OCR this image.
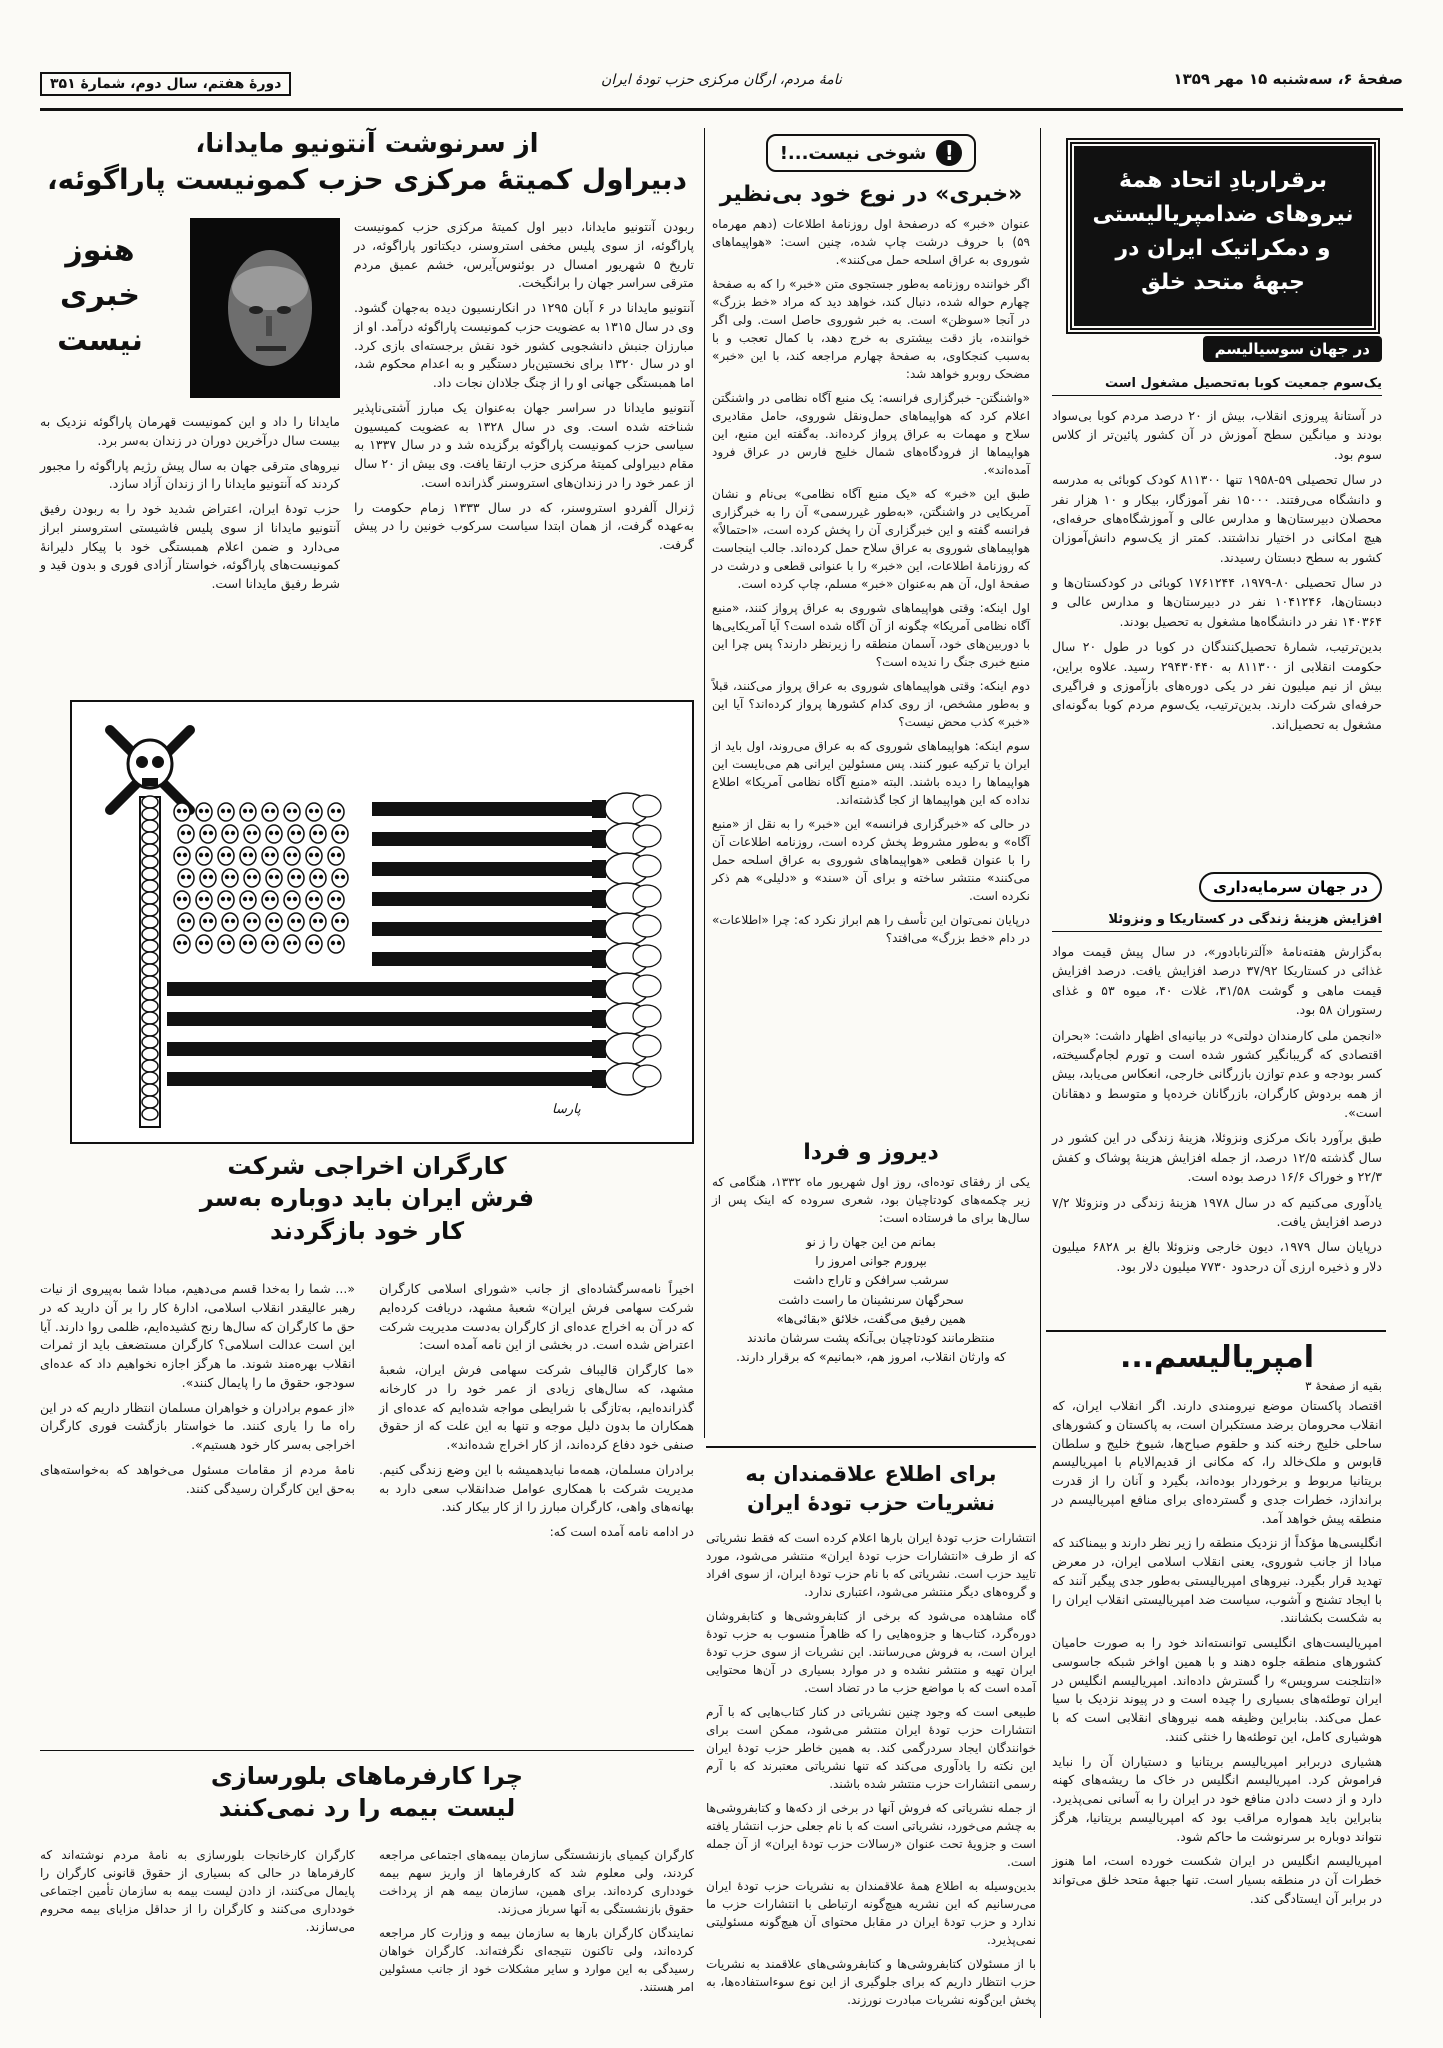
صفحهٔ ۶، سه‌شنبه ۱۵ مهر ۱۳۵۹
نامهٔ مردم، ارگان مرکزی حزب تودهٔ ایران
دورهٔ هفتم، سال دوم، شمارهٔ ۳۵۱
برقراربادِ اتحاد همهٔ نیروهای ضدامپریالیستی و دمکراتیک ایران در جبههٔ متحد خلق
در جهان سوسیالیسم
یک‌سوم جمعیت کوبا به‌تحصیل مشغول است

در آستانهٔ پیروزی انقلاب، بیش از ۲۰ درصد مردم کوبا بی‌سواد بودند و میانگین سطح آموزش در آن کشور پائین‌تر از کلاس سوم بود.

در سال تحصیلی ۵۹-۱۹۵۸ تنها ۸۱۱۳۰۰ کودک کوبائی به مدرسه و دانشگاه می‌رفتند. ۱۵۰۰۰ نفر آموزگار، بیکار و ۱۰ هزار نفر محصلان دبیرستان‌ها و مدارس عالی و آموزشگاه‌های حرفه‌ای، هیچ امکانی در اختیار نداشتند. کمتر از یک‌سوم دانش‌آموزان کشور به سطح دبستان رسیدند.

در سال تحصیلی ۸۰-۱۹۷۹، ۱۷۶۱۲۴۴ کوبائی در کودکستان‌ها و دبستان‌ها، ۱۰۴۱۲۴۶ نفر در دبیرستان‌ها و مدارس عالی و ۱۴۰۳۶۴ نفر در دانشگاه‌ها مشغول به تحصیل بودند.

بدین‌ترتیب، شمارهٔ تحصیل‌کنندگان در کوبا در طول ۲۰ سال حکومت انقلابی از ۸۱۱۳۰۰ به ۲۹۴۳۰۴۴۰ رسید. علاوه براین، بیش از نیم میلیون نفر در یکی دوره‌های بازآموزی و فراگیری حرفه‌ای شرکت دارند. بدین‌ترتیب، یک‌سوم مردم کوبا به‌گونه‌ای مشغول به تحصیل‌اند.

در جهان سرمایه‌داری
افزایش هزینهٔ زندگی در کستاریکا و ونزوئلا

به‌گزارش هفته‌نامهٔ «آلترنابادور»، در سال پیش قیمت مواد غذائی در کستاریکا ۳۷/۹۲ درصد افزایش یافت. درصد افزایش قیمت ماهی و گوشت ۳۱/۵۸، غلات ۴۰، میوه ۵۳ و غذای رستوران ۵۸ بود.

«انجمن ملی کارمندان دولتی» در بیانیه‌ای اظهار داشت: «بحران اقتصادی که گریبانگیر کشور شده است و تورم لجام‌گسیخته، کسر بودجه و عدم توازن بازرگانی خارجی، انعکاس می‌یابد، بیش از همه بردوش کارگران، بازرگانان خرده‌پا و متوسط و دهقانان است».

طبق برآورد بانک مرکزی ونزوئلا، هزینهٔ زندگی در این کشور در سال گذشته ۱۲/۵ درصد، از جمله افزایش هزینهٔ پوشاک و کفش ۲۲/۳ و خوراک ۱۶/۶ درصد بوده است.

یادآوری می‌کنیم که در سال ۱۹۷۸ هزینهٔ زندگی در ونزوئلا ۷/۲ درصد افزایش یافت.

درپایان سال ۱۹۷۹، دیون خارجی ونزوئلا بالغ بر ۶۸۲۸ میلیون دلار و ذخیره ارزی آن درحدود ۷۷۳۰ میلیون دلار بود.

امپریالیسم...
بقیه از صفحهٔ ۳

اقتصاد پاکستان موضع نیرومندی دارند. اگر انقلاب ایران، که انقلاب محرومان برضد مستکبران است، به پاکستان و کشورهای ساحلی خلیج رخنه کند و حلقوم صباح‌ها، شیوخ خلیج و سلطان قابوس و ملک‌خالد را، که مکانی از قدیم‌الایام با امپریالیسم بریتانیا مربوط و برخوردار بوده‌اند، بگیرد و آنان را از قدرت براندازد، خطرات جدی و گسترده‌ای برای منافع امپریالیسم در منطقه پیش خواهد آمد.

انگلیسی‌ها مؤکداً از نزدیک منطقه را زیر نظر دارند و بیمناکند که مبادا از جانب شوروی، یعنی انقلاب اسلامی ایران، در معرض تهدید قرار بگیرد. نیروهای امپریالیستی به‌طور جدی پیگیر آنند که با ایجاد تشنج و آشوب، سیاست ضد امپریالیستی انقلاب ایران را به شکست بکشانند.

امپریالیست‌های انگلیسی توانسته‌اند خود را به صورت حامیان کشورهای منطقه جلوه دهند و با همین اواخر شبکه جاسوسی «انتلجنت سرویس» را گسترش داده‌اند. امپریالیسم انگلیس در ایران توطئه‌های بسیاری را چیده است و در پیوند نزدیک با سیا عمل می‌کند. بنابراین وظیفه همه نیروهای انقلابی است که با هوشیاری کامل، این توطئه‌ها را خنثی کنند.

هشیاری دربرابر امپریالیسم بریتانیا و دستیاران آن را نباید فراموش کرد. امپریالیسم انگلیس در خاک ما ریشه‌های کهنه دارد و از دست دادن منافع خود در ایران را به آسانی نمی‌پذیرد. بنابراین باید همواره مراقب بود که امپریالیسم بریتانیا، هرگز نتواند دوباره بر سرنوشت ما حاکم شود.

امپریالیسم انگلیس در ایران شکست خورده است، اما هنوز خطرات آن در منطقه بسیار است. تنها جبههٔ متحد خلق می‌تواند در برابر آن ایستادگی کند.

!
شوخی نیست...!
«خبری» در نوع خود بی‌نظیر

عنوان «خبر» که درصفحهٔ اول روزنامهٔ اطلاعات (دهم مهرماه ۵۹) با حروف درشت چاپ شده، چنین است: «هواپیماهای شوروی به عراق اسلحه حمل می‌کنند».

اگر خواننده روزنامه به‌طور جستجوی متن «خبر» را که به صفحهٔ چهارم حواله شده، دنبال کند، خواهد دید که مراد «خط بزرگ» در آنجا «سوظن» است. به خبر شوروی حاصل است. ولی اگر خواننده، باز دقت بیشتری به خرج دهد، با کمال تعجب و با به‌سبب کنجکاوی، به صفحهٔ چهارم مراجعه کند، با این «خبر» مضحک روبرو خواهد شد:

«واشنگتن- خبرگزاری فرانسه: یک منبع آگاه نظامی در واشنگتن اعلام کرد که هواپیماهای حمل‌ونقل شوروی، حامل مقادیری سلاح و مهمات به عراق پرواز کرده‌اند. به‌گفته این منبع، این هواپیماها از فرودگاه‌های شمال خلیج فارس در عراق فرود آمده‌اند».

طبق این «خبر» که «یک منبع آگاه نظامی» بی‌نام و نشان آمریکایی در واشنگتن، «به‌طور غیررسمی» آن را به خبرگزاری فرانسه گفته و این خبرگزاری آن را پخش کرده است، «احتمالاً» هواپیماهای شوروی به عراق سلاح حمل کرده‌اند. جالب اینجاست که روزنامهٔ اطلاعات، این «خبر» را با عنوانی قطعی و درشت در صفحهٔ اول، آن هم به‌عنوان «خبر» مسلم، چاپ کرده است.

اول اینکه: وقتی هواپیماهای شوروی به عراق پرواز کنند، «منبع آگاه نظامی آمریکا» چگونه از آن آگاه شده است؟ آیا آمریکایی‌ها با دوربین‌های خود، آسمان منطقه را زیرنظر دارند؟ پس چرا این منبع خبری جنگ را ندیده است؟

دوم اینکه: وقتی هواپیماهای شوروی به عراق پرواز می‌کنند، قبلاً و به‌طور مشخص، از روی کدام کشورها پرواز کرده‌اند؟ آیا این «خبر» کذب محض نیست؟

سوم اینکه: هواپیماهای شوروی که به عراق می‌روند، اول باید از ایران یا ترکیه عبور کنند. پس مسئولین ایرانی هم می‌بایست این هواپیماها را دیده باشند. البته «منبع آگاه نظامی آمریکا» اطلاع نداده که این هواپیماها از کجا گذشته‌اند.

در حالی که «خبرگزاری فرانسه» این «خبر» را به نقل از «منبع آگاه» و به‌طور مشروط پخش کرده است، روزنامه اطلاعات آن را با عنوان قطعی «هواپیماهای شوروی به عراق اسلحه حمل می‌کنند» منتشر ساخته و برای آن «سند» و «دلیلی» هم ذکر نکرده است.

درپایان نمی‌توان این تأسف را هم ابراز نکرد که: چرا «اطلاعات» در دام «خط بزرگ» می‌افتد؟

دیروز و فردا

یکی از رفقای توده‌ای، روز اول شهریور ماه ۱۳۳۲، هنگامی که زیر چکمه‌های کودتاچیان بود، شعری سروده که اینک پس از سال‌ها برای ما فرستاده است:

بمانم من این جهان را ز نو
بپرورم جوانی امروز را
سرشب سرافکن و تاراج داشت
سحرگهان سرنشینان ما راست داشت
همین رفیق می‌گفت، خلائق «بقائی‌ها»
منتظرمانند کودتاچیان بی‌آنکه پشت سرشان ماندند
که وارثان انقلاب، امروز هم، «بمانیم» که برقرار دارند.
برای اطلاع علاقمندان به نشریات حزب تودهٔ ایران

انتشارات حزب تودهٔ ایران بارها اعلام کرده است که فقط نشریاتی که از طرف «انتشارات حزب تودهٔ ایران» منتشر می‌شود، مورد تایید حزب است. نشریاتی که با نام حزب تودهٔ ایران، از سوی افراد و گروه‌های دیگر منتشر می‌شود، اعتباری ندارد.

گاه مشاهده می‌شود که برخی از کتابفروشی‌ها و کتابفروشان دوره‌گرد، کتاب‌ها و جزوه‌هایی را که ظاهراً منسوب به حزب تودهٔ ایران است، به فروش می‌رسانند. این نشریات از سوی حزب تودهٔ ایران تهیه و منتشر نشده و در موارد بسیاری در آن‌ها محتوایی آمده است که با مواضع حزب ما در تضاد است.

طبیعی است که وجود چنین نشریاتی در کنار کتاب‌هایی که با آرم انتشارات حزب تودهٔ ایران منتشر می‌شود، ممکن است برای خوانندگان ایجاد سردرگمی کند. به همین خاطر حزب تودهٔ ایران این نکته را یادآوری می‌کند که تنها نشریاتی معتبرند که با آرم رسمی انتشارات حزب منتشر شده باشند.

از جمله نشریاتی که فروش آنها در برخی از دکه‌ها و کتابفروشی‌ها به چشم می‌خورد، نشریاتی است که با نام جعلی حزب انتشار یافته است و جزویهٔ تحت عنوان «رسالات حزب تودهٔ ایران» از آن جمله است.

بدین‌وسیله به اطلاع همهٔ علاقمندان به نشریات حزب تودهٔ ایران می‌رسانیم که این نشریه هیچ‌گونه ارتباطی با انتشارات حزب ما ندارد و حزب تودهٔ ایران در مقابل محتوای آن هیچ‌گونه مسئولیتی نمی‌پذیرد.

با از مسئولان کتابفروشی‌ها و کتابفروشی‌های علاقمند به نشریات حزب انتظار داریم که برای جلوگیری از این نوع سوءاستفاده‌ها، به پخش این‌گونه نشریات مبادرت نورزند.

از سرنوشت آنتونیو مایدانا،
دبیراول کمیتهٔ مرکزی حزب کمونیست پاراگوئه،
هنوز خبری نیست

ربودن آنتونیو مایدانا، دبیر اول کمیتهٔ مرکزی حزب کمونیست پاراگوئه، از سوی پلیس مخفی استروسنر، دیکتاتور پاراگوئه، در تاریخ ۵ شهریور امسال در بوئنوس‌آیرس، خشم عمیق مردم مترقی سراسر جهان را برانگیخت.

آنتونیو مایدانا در ۶ آبان ۱۲۹۵ در انکارنسیون دیده به‌جهان گشود. وی در سال ۱۳۱۵ به عضویت حزب کمونیست پاراگوئه درآمد. او از مبارزان جنبش دانشجویی کشور خود نقش برجسته‌ای بازی کرد. او در سال ۱۳۲۰ برای نخستین‌بار دستگیر و به اعدام محکوم شد، اما همبستگی جهانی او را از چنگ جلادان نجات داد.

آنتونیو مایدانا در سراسر جهان به‌عنوان یک مبارز آشتی‌ناپذیر شناخته شده است. وی در سال ۱۳۲۸ به عضویت کمیسیون سیاسی حزب کمونیست پاراگوئه برگزیده شد و در سال ۱۳۳۷ به مقام دبیراولی کمیتهٔ مرکزی حزب ارتقا یافت. وی بیش از ۲۰ سال از عمر خود را در زندان‌های استروسنر گذرانده است.

ژنرال آلفردو استروسنر، که در سال ۱۳۳۳ زمام حکومت را به‌عهده گرفت، از همان ابتدا سیاست سرکوب خونین را در پیش گرفت.

مایدانا را داد و این کمونیست قهرمان پاراگوئه نزدیک به بیست سال درآخرین دوران در زندان به‌سر برد.

نیروهای مترقی جهان به سال پیش رژیم پاراگوئه را مجبور کردند که آنتونیو مایدانا را از زندان آزاد سازد.

حزب تودهٔ ایران، اعتراض شدید خود را به ربودن رفیق آنتونیو مایدانا از سوی پلیس فاشیستی استروسنر ابراز می‌دارد و ضمن اعلام همبستگی خود با پیکار دلیرانهٔ کمونیست‌های پاراگوئه، خواستار آزادی فوری و بدون قید و شرط رفیق مایدانا است.

پارسا
کارگران اخراجی شرکت
فرش ایران باید دوباره به‌سر
کار خود بازگردند

اخیراً نامه‌سرگشاده‌ای از جانب «شورای اسلامی کارگران شرکت سهامی فرش ایران» شعبهٔ مشهد، دریافت کرده‌ایم که در آن به اخراج عده‌ای از کارگران به‌دست مدیریت شرکت اعتراض شده است. در بخشی از این نامه آمده است:

«ما کارگران قالیباف شرکت سهامی فرش ایران، شعبهٔ مشهد، که سال‌های زیادی از عمر خود را در کارخانه گذرانده‌ایم، به‌تازگی با شرایطی مواجه شده‌ایم که عده‌ای از همکاران ما بدون دلیل موجه و تنها به این علت که از حقوق صنفی خود دفاع کرده‌اند، از کار اخراج شده‌اند».

برادران مسلمان، همه‌ما نبایدهمیشه با این وضع زندگی کنیم. مدیریت شرکت با همکاری عوامل ضدانقلاب سعی دارد به بهانه‌های واهی، کارگران مبارز را از کار بیکار کند.

در ادامه نامه آمده است که:

«... شما را به‌خدا قسم می‌دهیم، مبادا شما به‌پیروی از نیات رهبر عالیقدر انقلاب اسلامی، ادارهٔ کار را بر آن دارید که در حق ما کارگران که سال‌ها رنج کشیده‌ایم، ظلمی روا دارند. آیا این است عدالت اسلامی؟ کارگران مستضعف باید از ثمرات انقلاب بهره‌مند شوند. ما هرگز اجازه نخواهیم داد که عده‌ای سودجو، حقوق ما را پایمال کنند».

«از عموم برادران و خواهران مسلمان انتظار داریم که در این راه ما را یاری کنند. ما خواستار بازگشت فوری کارگران اخراجی به‌سر کار خود هستیم».

نامهٔ مردم از مقامات مسئول می‌خواهد که به‌خواسته‌های به‌حق این کارگران رسیدگی کنند.

چرا کارفرماهای بلورسازی
لیست بیمه را رد نمی‌کنند

کارگران کیمیای بازنشستگی سازمان بیمه‌های اجتماعی مراجعه کردند، ولی معلوم شد که کارفرماها از واریز سهم بیمه خودداری کرده‌اند. برای همین، سازمان بیمه هم از پرداخت حقوق بازنشستگی به آنها سرباز می‌زند.

نمایندگان کارگران بارها به سازمان بیمه و وزارت کار مراجعه کرده‌اند، ولی تاکنون نتیجه‌ای نگرفته‌اند. کارگران خواهان رسیدگی به این موارد و سایر مشکلات خود از جانب مسئولین امر هستند.

کارگران کارخانجات بلورسازی به نامهٔ مردم نوشته‌اند که کارفرماها در حالی که بسیاری از حقوق قانونی کارگران را پایمال می‌کنند، از دادن لیست بیمه به سازمان تأمین اجتماعی خودداری می‌کنند و کارگران را از حداقل مزایای بیمه محروم می‌سازند.
